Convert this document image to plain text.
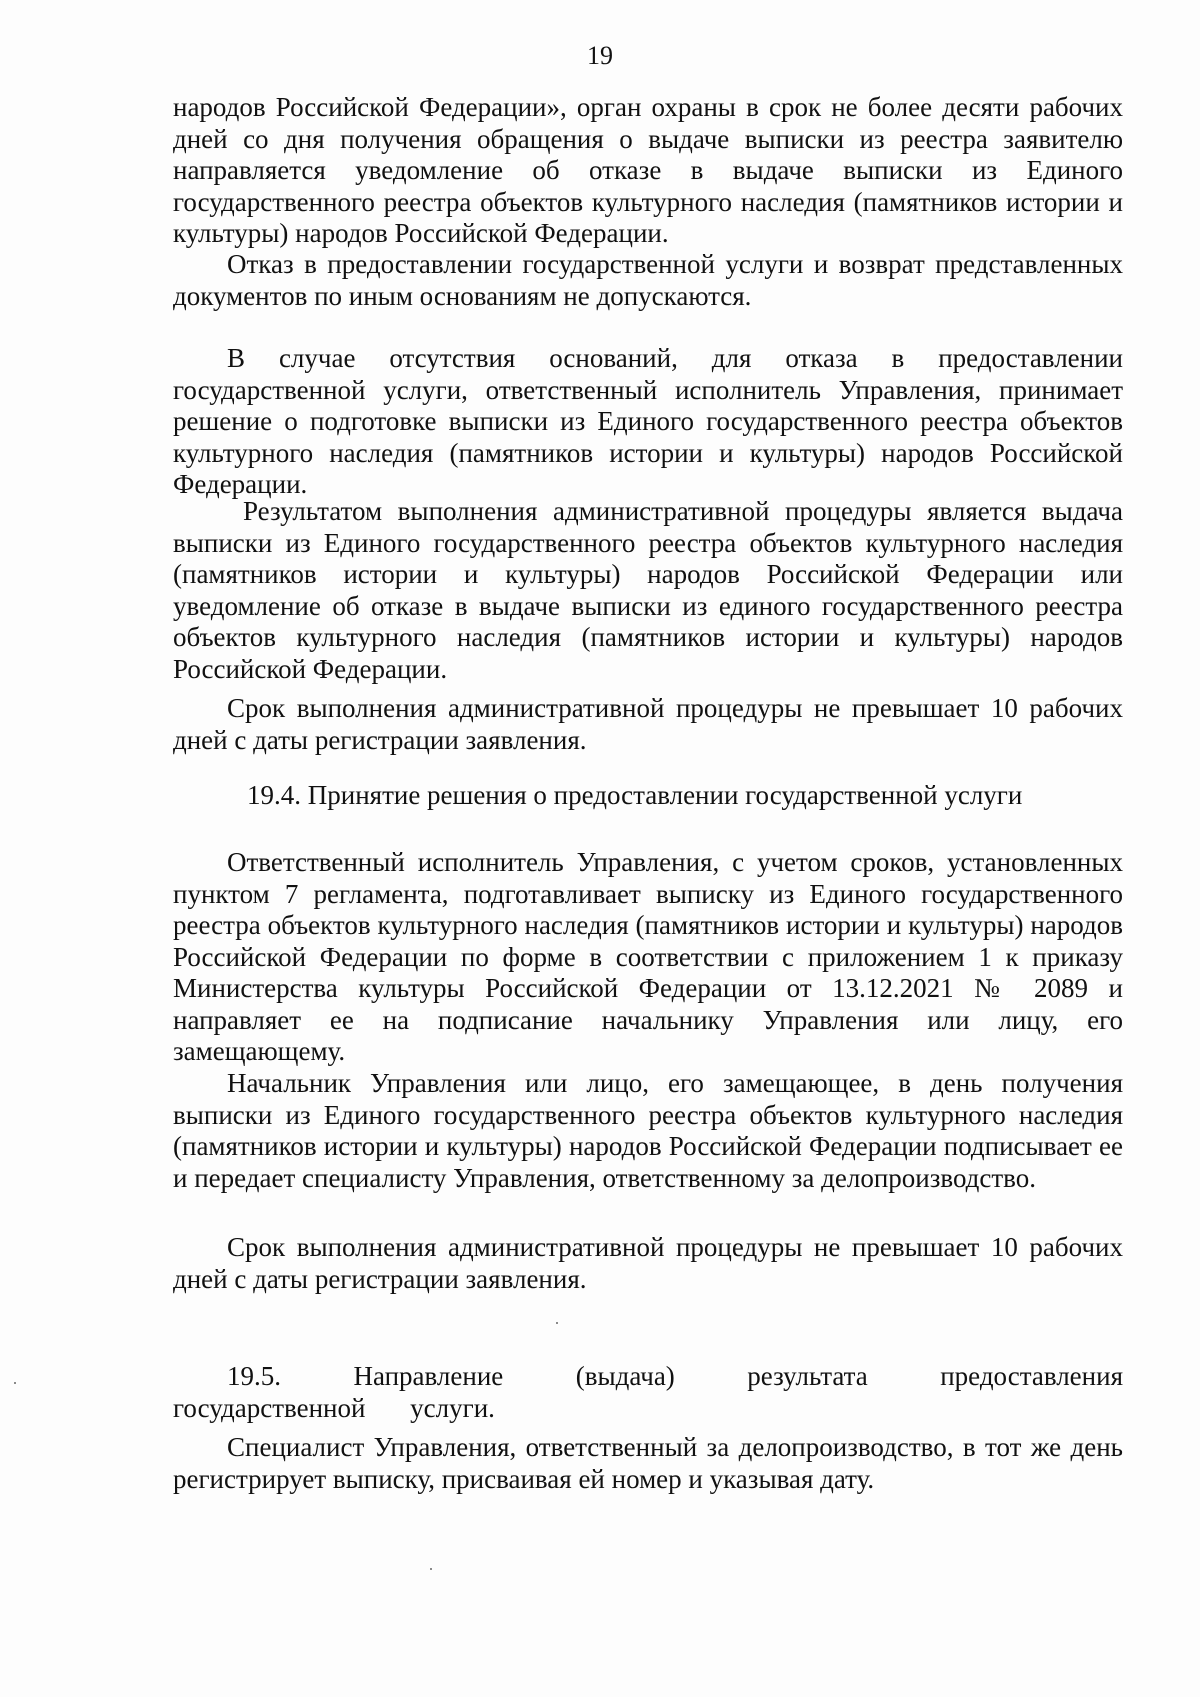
19

народов Российской Федерации», орган охраны в срок не более десяти рабочих дней со дня получения обращения о выдаче выписки из реестра заявителю направляется уведомление об отказе в выдаче выписки из Единого государственного реестра объектов культурного наследия (памятников истории и культуры) народов Российской Федерации.

Отказ в предоставлении государственной услуги и возврат представленных документов по иным основаниям не допускаются.

В случае отсутствия оснований, для отказа в предоставлении государственной услуги, ответственный исполнитель Управления, принимает решение о подготовке выписки из Единого государственного реестра объектов культурного наследия (памятников истории и культуры) народов Российской Федерации.

Результатом выполнения административной процедуры является выдача выписки из Единого государственного реестра объектов культурного наследия (памятников истории и культуры) народов Российской Федерации или уведомление об отказе в выдаче выписки из единого государственного реестра объектов культурного наследия (памятников истории и культуры) народов Российской Федерации.

Срок выполнения административной процедуры не превышает 10 рабочих дней с даты регистрации заявления.

19.4. Принятие решения о предоставлении государственной услуги

Ответственный исполнитель Управления, с учетом сроков, установленных пунктом 7 регламента, подготавливает выписку из Единого государственного реестра объектов культурного наследия (памятников истории и культуры) народов Российской Федерации по форме в соответствии с приложением 1 к приказу Министерства культуры Российской Федерации от 13.12.2021 № 2089 и направляет ее на подписание начальнику Управления или лицу, его замещающему.

Начальник Управления или лицо, его замещающее, в день получения выписки из Единого государственного реестра объектов культурного наследия (памятников истории и культуры) народов Российской Федерации подписывает ее и передает специалисту Управления, ответственному за делопроизводство.

Срок выполнения административной процедуры не превышает 10 рабочих дней с даты регистрации заявления.

19.5. Направление (выдача) результата предоставления государственной услуги.

Специалист Управления, ответственный за делопроизводство, в тот же день регистрирует выписку, присваивая ей номер и указывая дату.
